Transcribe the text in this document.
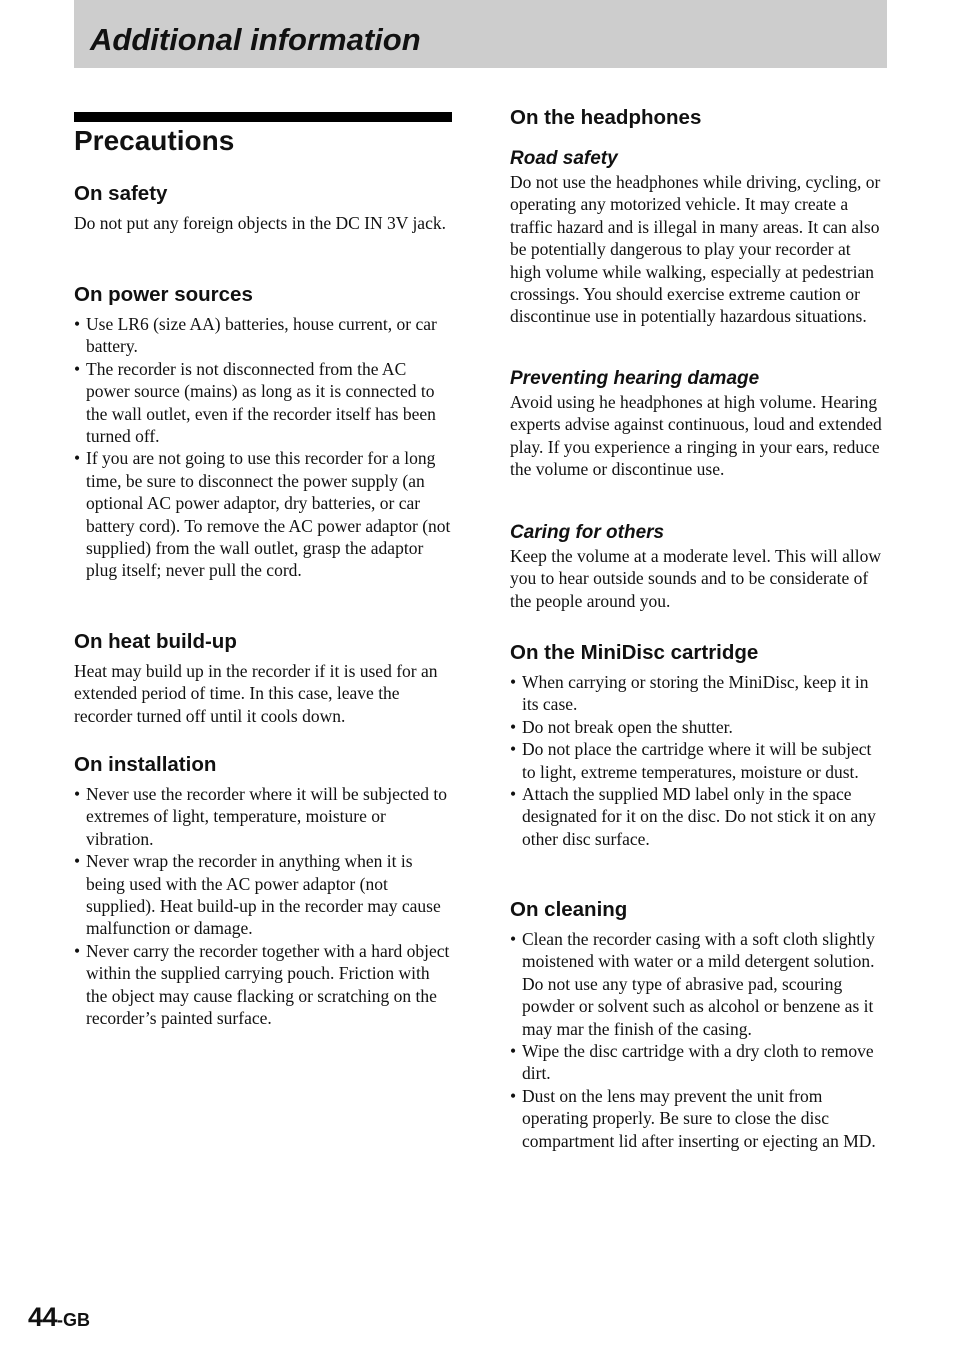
Additional information
Precautions
On safety

Do not put any foreign objects in the DC IN 3V jack.

On power sources
• Use LR6 (size AA) batteries, house current, or car battery.
• The recorder is not disconnected from the AC power source (mains) as long as it is connected to the wall outlet, even if the recorder itself has been turned off.
• If you are not going to use this recorder for a long time, be sure to disconnect the power supply (an optional AC power adaptor, dry batteries, or car battery cord). To remove the AC power adaptor (not supplied) from the wall outlet, grasp the adaptor plug itself; never pull the cord.
On heat build-up

Heat may build up in the recorder if it is used for an extended period of time. In this case, leave the recorder turned off until it cools down.

On installation
• Never use the recorder where it will be subjected to extremes of light, temperature, moisture or vibration.
• Never wrap the recorder in anything when it is being used with the AC power adaptor (not supplied). Heat build-up in the recorder may cause malfunction or damage.
• Never carry the recorder together with a hard object within the supplied carrying pouch. Friction with the object may cause flacking or scratching on the recorder’s painted surface.
On the headphones
Road safety

Do not use the headphones while driving, cycling, or operating any motorized vehicle. It may create a traffic hazard and is illegal in many areas. It can also be potentially dangerous to play your recorder at high volume while walking, especially at pedestrian crossings. You should exercise extreme caution or discontinue use in potentially hazardous situations.

Preventing hearing damage

Avoid using he headphones at high volume. Hearing experts advise against continuous, loud and extended play. If you experience a ringing in your ears, reduce the volume or discontinue use.

Caring for others

Keep the volume at a moderate level. This will allow you to hear outside sounds and to be considerate of the people around you.

On the MiniDisc cartridge
• When carrying or storing the MiniDisc, keep it in its case.
• Do not break open the shutter.
• Do not place the cartridge where it will be subject to light, extreme temperatures, moisture or dust.
• Attach the supplied MD label only in the space designated for it on the disc. Do not stick it on any other disc surface.
On cleaning
• Clean the recorder casing with a soft cloth slightly moistened with water or a mild detergent solution. Do not use any type of abrasive pad, scouring powder or solvent such as alcohol or benzene as it may mar the finish of the casing.
• Wipe the disc cartridge with a dry cloth to remove dirt.
• Dust on the lens may prevent the unit from operating properly. Be sure to close the disc compartment lid after inserting or ejecting an MD.
44-GB
